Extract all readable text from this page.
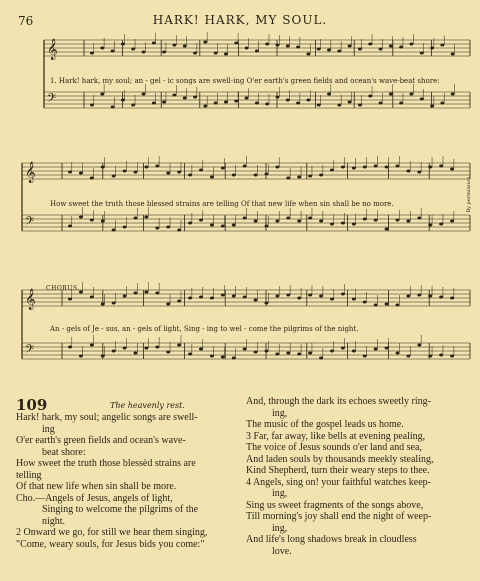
76	HARK! HARK, MY SOUL.
𝄞
𝄢
𝄞
𝄢
𝄞
𝄢
1. Hark! hark, my soul; an - gel - ic songs are swell-ing O'er earth's green fields and ocean's wave-beat shore:
How sweet the truth those blessed strains are telling Of that new life when sin shall be no more.
CHORUS.
An - gels of Je - sus, an - gels of light, Sing - ing to wel - come the pilgrims of the night.
By permission.
109	The heavenly rest.
Hark! hark, my soul; angelic songs are swell-
ing
O'er earth's green fields and ocean's wave-
beat shore:
How sweet the truth those blessèd strains are
telling
Of that new life when sin shall be more.
Cho.—Angels of Jesus, angels of light,
Singing to welcome the pilgrims of the
night.
2 Onward we go, for still we hear them singing,
"Come, weary souls, for Jesus bids you come:"
And, through the dark its echoes sweetly ring-
ing,
The music of the gospel leads us home.
3 Far, far away, like bells at evening pealing,
The voice of Jesus sounds o'er land and sea,
And laden souls by thousands meekly stealing,
Kind Shepherd, turn their weary steps to thee.
4 Angels, sing on! your faithful watches keep-
ing,
Sing us sweet fragments of the songs above,
Till morning's joy shall end the night of weep-
ing,
And life's long shadows break in cloudless
love.
